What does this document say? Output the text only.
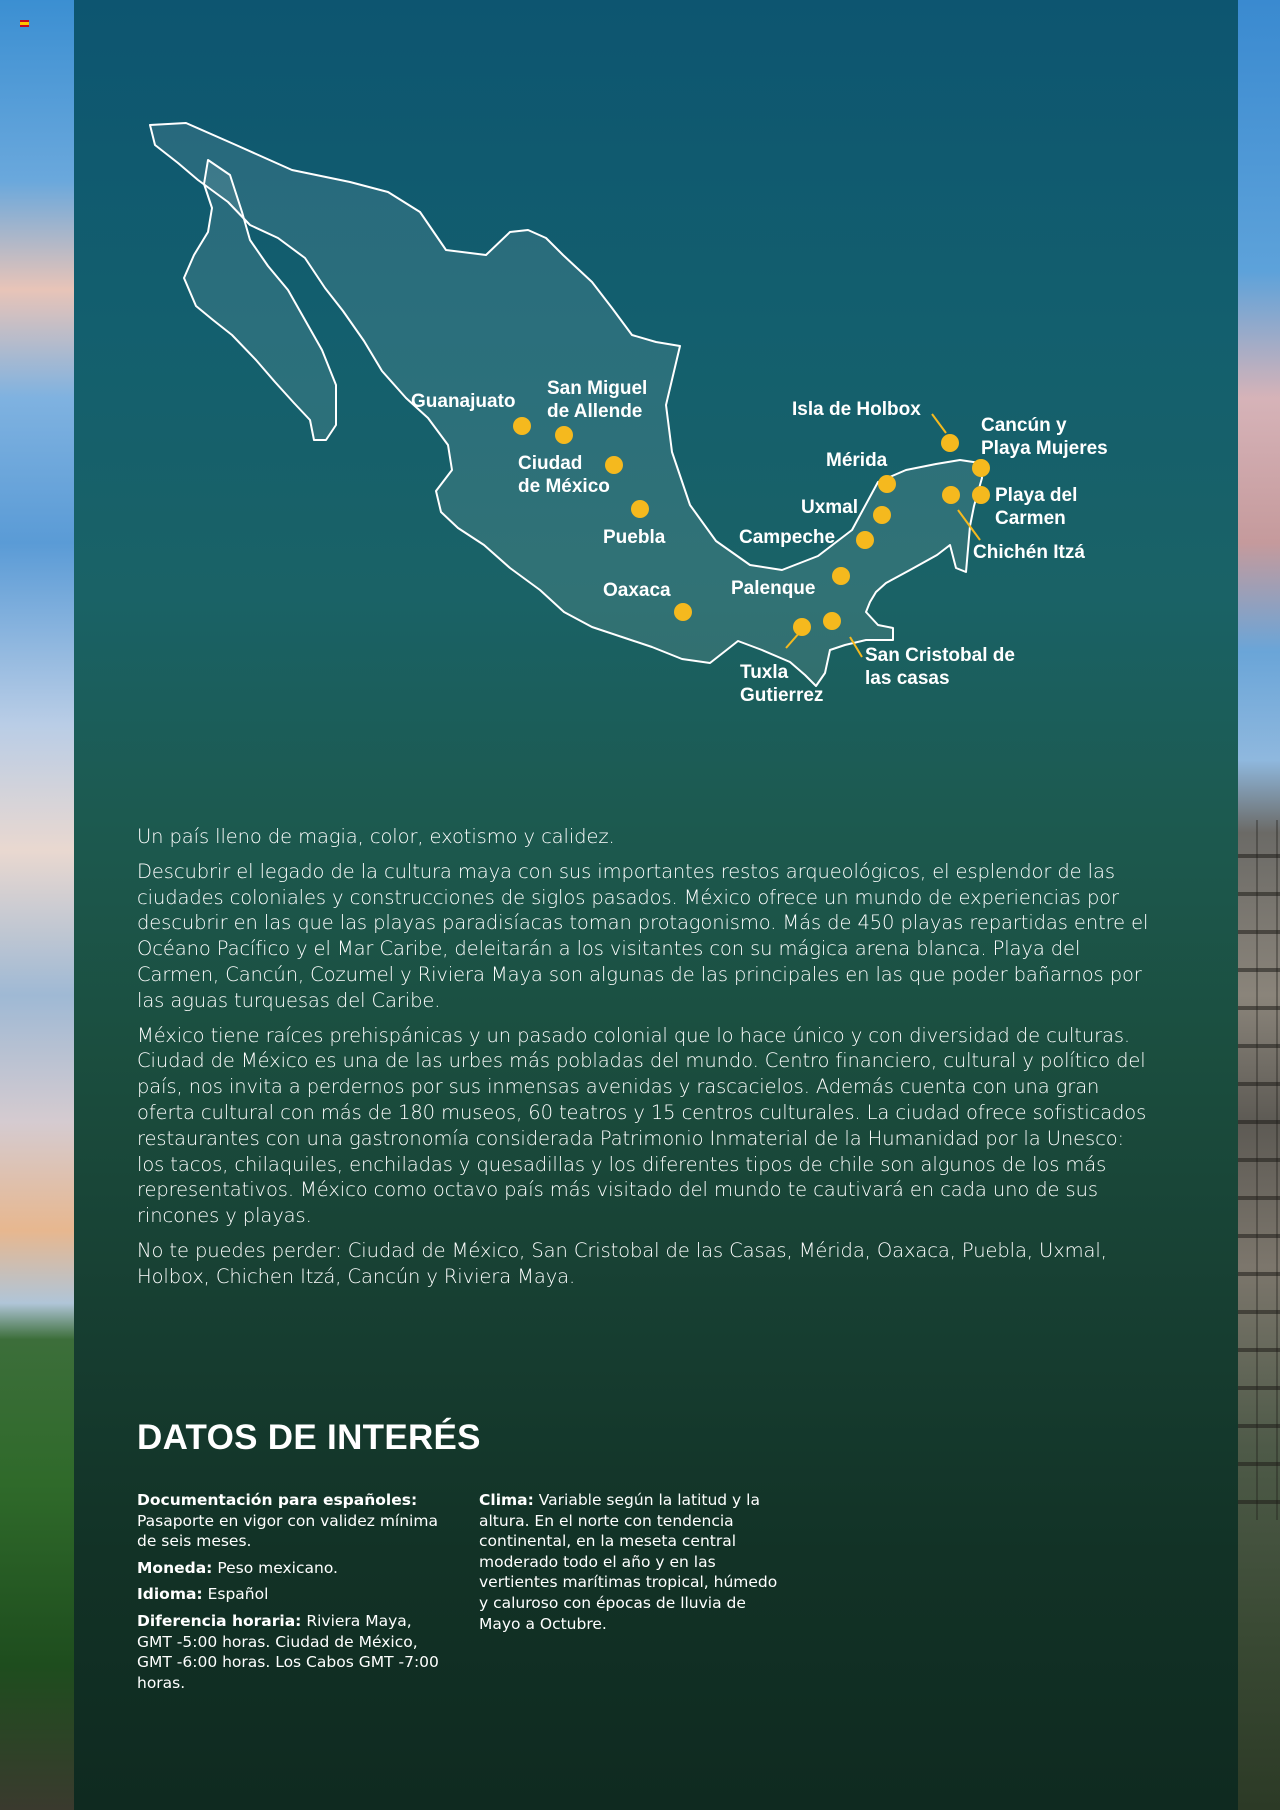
Guanajuato
San Miguel
de Allende
Ciudad
de México
Puebla
Oaxaca
Isla de Holbox
Cancún y
Playa Mujeres
Mérida
Playa del
Carmen
Uxmal
Campeche
Chichén Itzá
Palenque
San Cristobal de
las casas
Tuxla
Gutierrez

Un país lleno de magia, color, exotismo y calidez.

Descubrir el legado de la cultura maya con sus importantes restos arqueológicos, el esplendor de las ciudades coloniales y construcciones de siglos pasados. México ofrece un mundo de experiencias por descubrir en las que las playas paradisíacas toman protagonismo. Más de 450 playas repartidas entre el Océano Pacífico y el Mar Caribe, deleitarán a los visitantes con su mágica arena blanca. Playa del Carmen, Cancún, Cozumel y Riviera Maya son algunas de las principales en las que poder bañarnos por las aguas turquesas del Caribe.

México tiene raíces prehispánicas y un pasado colonial que lo hace único y con diversidad de culturas. Ciudad de México es una de las urbes más pobladas del mundo. Centro financiero, cultural y político del país, nos invita a perdernos por sus inmensas avenidas y rascacielos. Además cuenta con una gran oferta cultural con más de 180 museos, 60 teatros y 15 centros culturales. La ciudad ofrece sofisticados restaurantes con una gastronomía considerada Patrimonio Inmaterial de la Humanidad por la Unesco: los tacos, chilaquiles, enchiladas y quesadillas y los diferentes tipos de chile son algunos de los más representativos. México como octavo país más visitado del mundo te cautivará en cada uno de sus rincones y playas.

No te puedes perder: Ciudad de México, San Cristobal de las Casas, Mérida, Oaxaca, Puebla, Uxmal, Holbox, Chichen Itzá, Cancún y Riviera Maya.

DATOS DE INTERÉS

Documentación para españoles:
Pasaporte en vigor con validez mínima de seis meses.

Moneda: Peso mexicano.

Idioma: Español

Diferencia horaria: Riviera Maya, GMT -5:00 horas. Ciudad de México, GMT -6:00 horas. Los Cabos GMT -7:00 horas.

Clima: Variable según la latitud y la altura. En el norte con tendencia continental, en la meseta central moderado todo el año y en las vertientes marítimas tropical, húmedo y caluroso con épocas de lluvia de Mayo a Octubre.
